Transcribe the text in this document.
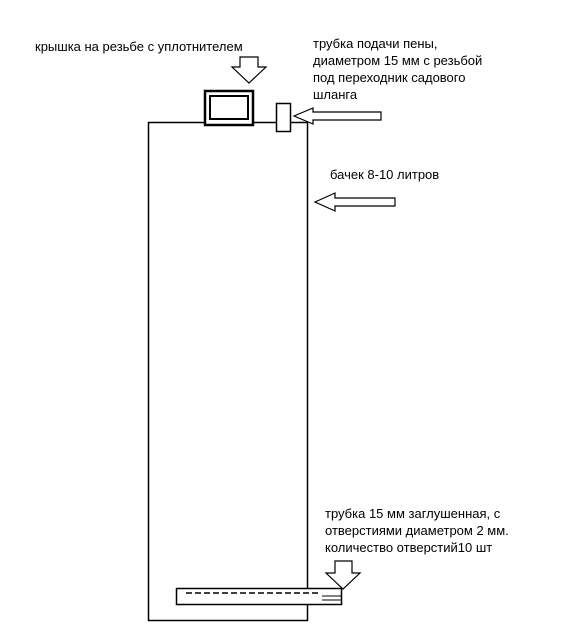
крышка на резьбе с уплотнителем	трубка подачи пены,
диаметром 15 мм с резьбой
под переходник садового
шланга
бачек 8-10 литров
трубка 15 мм заглушенная, с
отверстиями диаметром 2 мм.
количество отверстий10 шт
